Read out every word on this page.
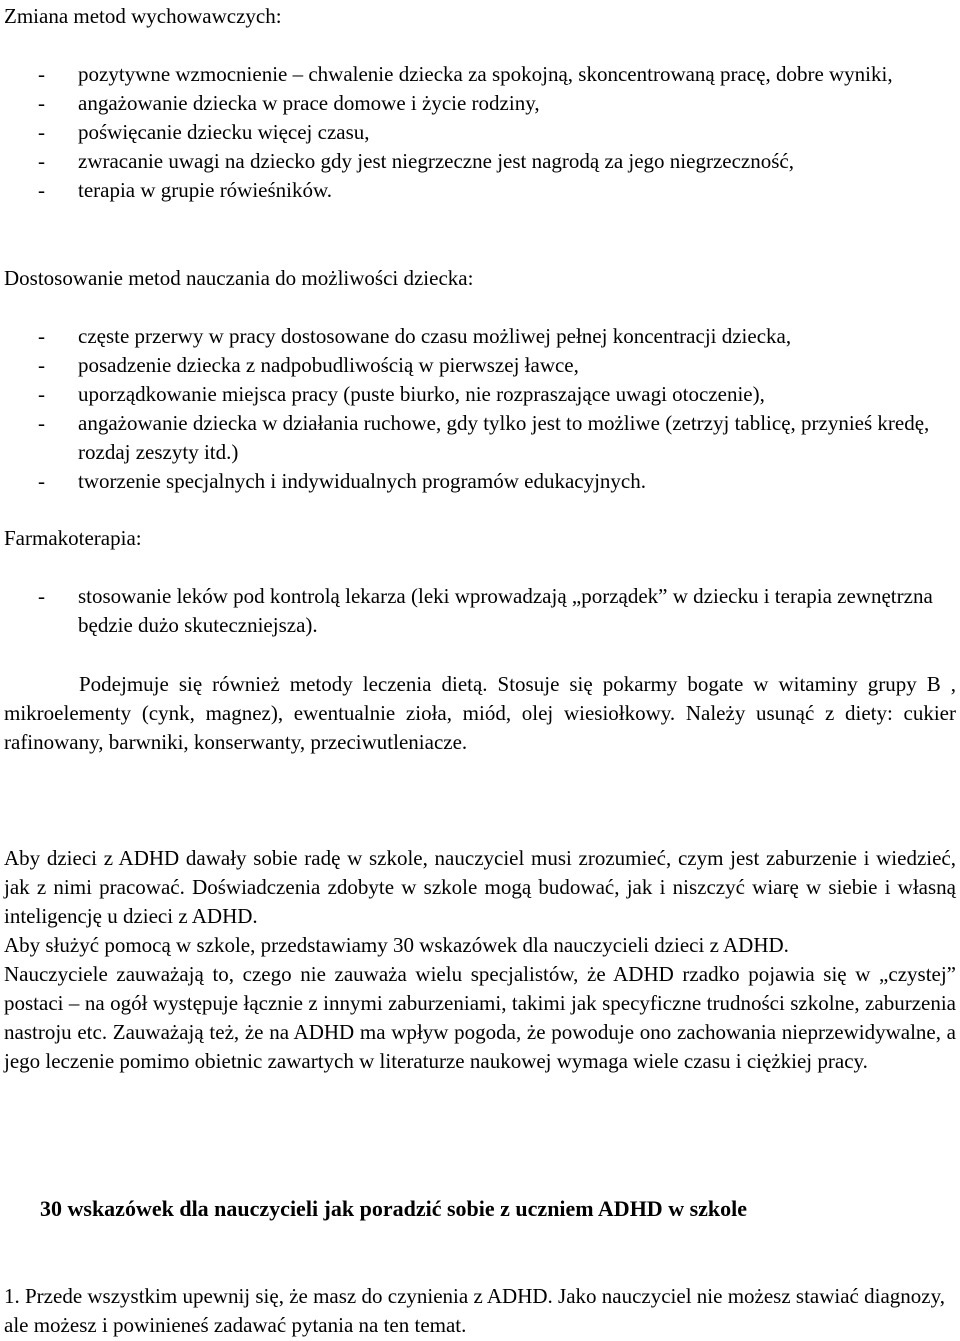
Zmiana metod wychowawczych:

- pozytywne wzmocnienie – chwalenie dziecka za spokojną, skoncentrowaną pracę, dobre wyniki,
- angażowanie dziecka w prace domowe i życie rodziny,
- poświęcanie dziecku więcej czasu,
- zwracanie uwagi na dziecko gdy jest niegrzeczne jest nagrodą za jego niegrzeczność,
- terapia w grupie rówieśników.

Dostosowanie metod nauczania do możliwości dziecka:

- częste przerwy w pracy dostosowane do czasu możliwej pełnej koncentracji dziecka,
- posadzenie dziecka z nadpobudliwością w pierwszej ławce,
- uporządkowanie miejsca pracy (puste biurko, nie rozpraszające uwagi otoczenie),
- angażowanie dziecka w działania ruchowe, gdy tylko jest to możliwe (zetrzyj tablicę, przynieś kredę, rozdaj zeszyty itd.)
- tworzenie specjalnych i indywidualnych programów edukacyjnych.

Farmakoterapia:

- stosowanie leków pod kontrolą lekarza (leki wprowadzają „porządek” w dziecku i terapia zewnętrzna będzie dużo skuteczniejsza).

Podejmuje się również metody leczenia dietą. Stosuje się pokarmy bogate w witaminy grupy B , mikroelementy (cynk, magnez), ewentualnie zioła, miód, olej wiesiołkowy. Należy usunąć z diety: cukier rafinowany, barwniki, konserwanty, przeciwutleniacze.

Aby dzieci z ADHD dawały sobie radę w szkole, nauczyciel musi zrozumieć, czym jest zaburzenie i wiedzieć, jak z nimi pracować. Doświadczenia zdobyte w szkole mogą budować, jak i niszczyć wiarę w siebie i własną inteligencję u dzieci z ADHD.

Aby służyć pomocą w szkole, przedstawiamy 30 wskazówek dla nauczycieli dzieci z ADHD.

Nauczyciele zauważają to, czego nie zauważa wielu specjalistów, że ADHD rzadko pojawia się w „czystej” postaci – na ogół występuje łącznie z innymi zaburzeniami, takimi jak specyficzne trudności szkolne, zaburzenia nastroju etc. Zauważają też, że na ADHD ma wpływ pogoda, że powoduje ono zachowania nieprzewidywalne, a jego leczenie pomimo obietnic zawartych w literaturze naukowej wymaga wiele czasu i ciężkiej pracy.

30 wskazówek dla nauczycieli jak poradzić sobie z uczniem ADHD w szkole

1. Przede wszystkim upewnij się, że masz do czynienia z ADHD. Jako nauczyciel nie możesz stawiać diagnozy, ale możesz i powinieneś zadawać pytania na ten temat.
